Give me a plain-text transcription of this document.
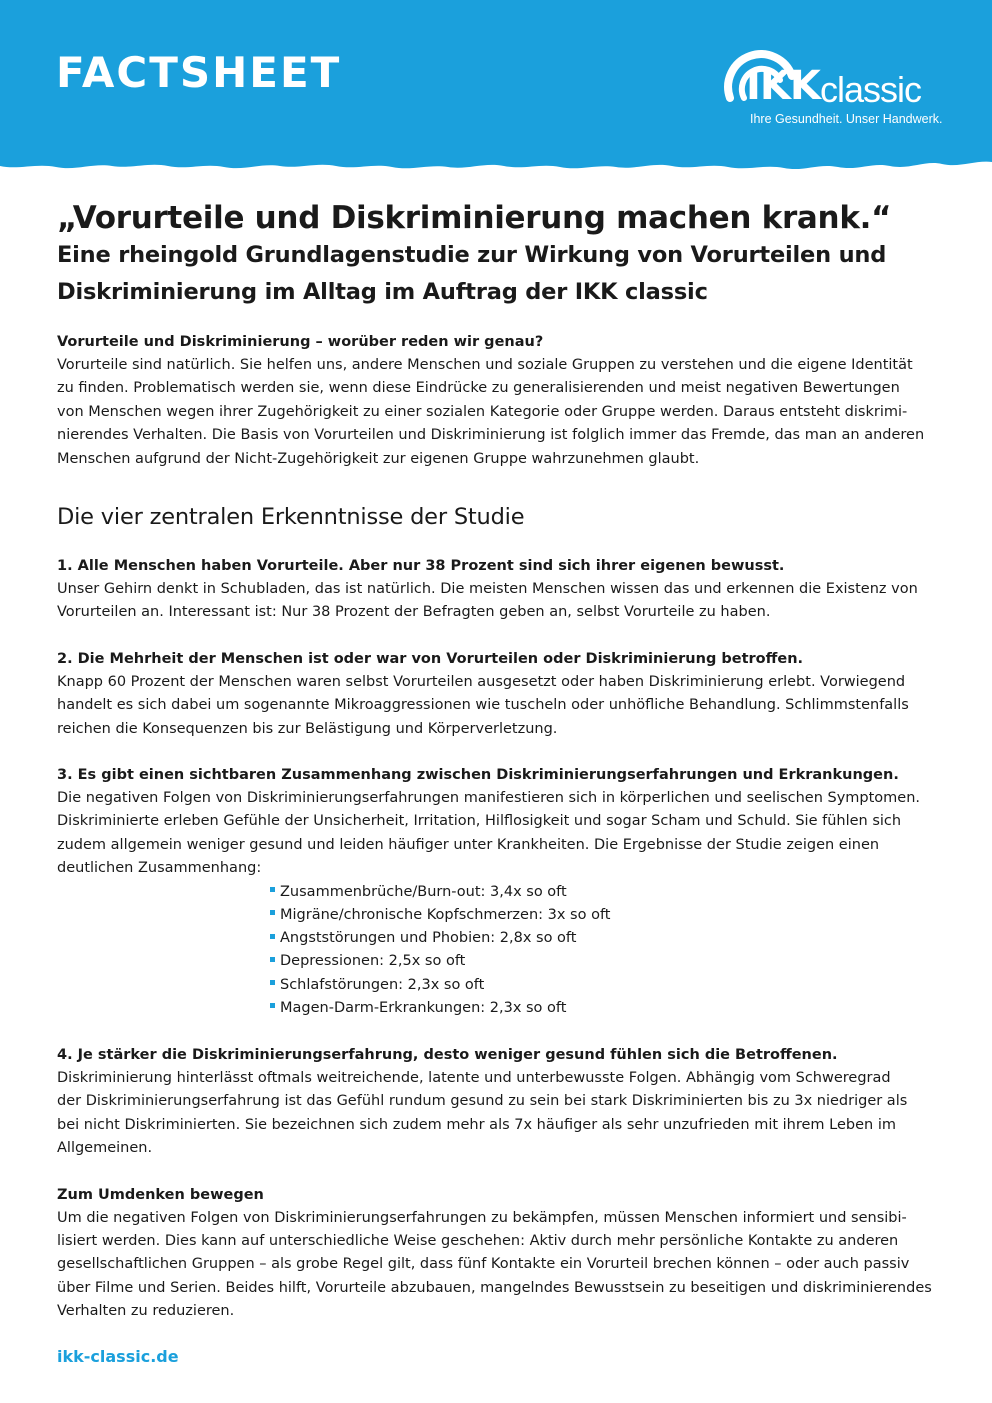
FACTSHEET	IKK classic
Ihre Gesundheit. Unser Handwerk.
„Vorurteile und Diskriminierung machen krank.“
Eine rheingold Grundlagenstudie zur Wirkung von Vorurteilen und
Diskriminierung im Alltag im Auftrag der IKK classic
Vorurteile und Diskriminierung – worüber reden wir genau?

Vorurteile sind natürlich. Sie helfen uns, andere Menschen und soziale Gruppen zu verstehen und die eigene Identität
zu finden. Problematisch werden sie, wenn diese Eindrücke zu generalisierenden und meist negativen Bewertungen
von Menschen wegen ihrer Zugehörigkeit zu einer sozialen Kategorie oder Gruppe werden. Daraus entsteht diskrimi-
nierendes Verhalten. Die Basis von Vorurteilen und Diskriminierung ist folglich immer das Fremde, das man an anderen
Menschen aufgrund der Nicht-Zugehörigkeit zur eigenen Gruppe wahrzunehmen glaubt.

Die vier zentralen Erkenntnisse der Studie
1. Alle Menschen haben Vorurteile. Aber nur 38 Prozent sind sich ihrer eigenen bewusst.

Unser Gehirn denkt in Schubladen, das ist natürlich. Die meisten Menschen wissen das und erkennen die Existenz von
Vorurteilen an. Interessant ist: Nur 38 Prozent der Befragten geben an, selbst Vorurteile zu haben.

2. Die Mehrheit der Menschen ist oder war von Vorurteilen oder Diskriminierung betroffen.

Knapp 60 Prozent der Menschen waren selbst Vorurteilen ausgesetzt oder haben Diskriminierung erlebt. Vorwiegend
handelt es sich dabei um sogenannte Mikroaggressionen wie tuscheln oder unhöfliche Behandlung. Schlimmstenfalls
reichen die Konsequenzen bis zur Belästigung und Körperverletzung.

3. Es gibt einen sichtbaren Zusammenhang zwischen Diskriminierungserfahrungen und Erkrankungen.

Die negativen Folgen von Diskriminierungserfahrungen manifestieren sich in körperlichen und seelischen Symptomen.
Diskriminierte erleben Gefühle der Unsicherheit, Irritation, Hilflosigkeit und sogar Scham und Schuld. Sie fühlen sich
zudem allgemein weniger gesund und leiden häufiger unter Krankheiten. Die Ergebnisse der Studie zeigen einen
deutlichen Zusammenhang:

Zusammenbrüche/Burn-out: 3,4x so oft
Migräne/chronische Kopfschmerzen: 3x so oft
Angststörungen und Phobien: 2,8x so oft
Depressionen: 2,5x so oft
Schlafstörungen: 2,3x so oft
Magen-Darm-Erkrankungen: 2,3x so oft
4. Je stärker die Diskriminierungserfahrung, desto weniger gesund fühlen sich die Betroffenen.

Diskriminierung hinterlässt oftmals weitreichende, latente und unterbewusste Folgen. Abhängig vom Schweregrad
der Diskriminierungserfahrung ist das Gefühl rundum gesund zu sein bei stark Diskriminierten bis zu 3x niedriger als
bei nicht Diskriminierten. Sie bezeichnen sich zudem mehr als 7x häufiger als sehr unzufrieden mit ihrem Leben im
Allgemeinen.

Zum Umdenken bewegen

Um die negativen Folgen von Diskriminierungserfahrungen zu bekämpfen, müssen Menschen informiert und sensibi-
lisiert werden. Dies kann auf unterschiedliche Weise geschehen: Aktiv durch mehr persönliche Kontakte zu anderen
gesellschaftlichen Gruppen – als grobe Regel gilt, dass fünf Kontakte ein Vorurteil brechen können – oder auch passiv
über Filme und Serien. Beides hilft, Vorurteile abzubauen, mangelndes Bewusstsein zu beseitigen und diskriminierendes
Verhalten zu reduzieren.

ikk-classic.de
